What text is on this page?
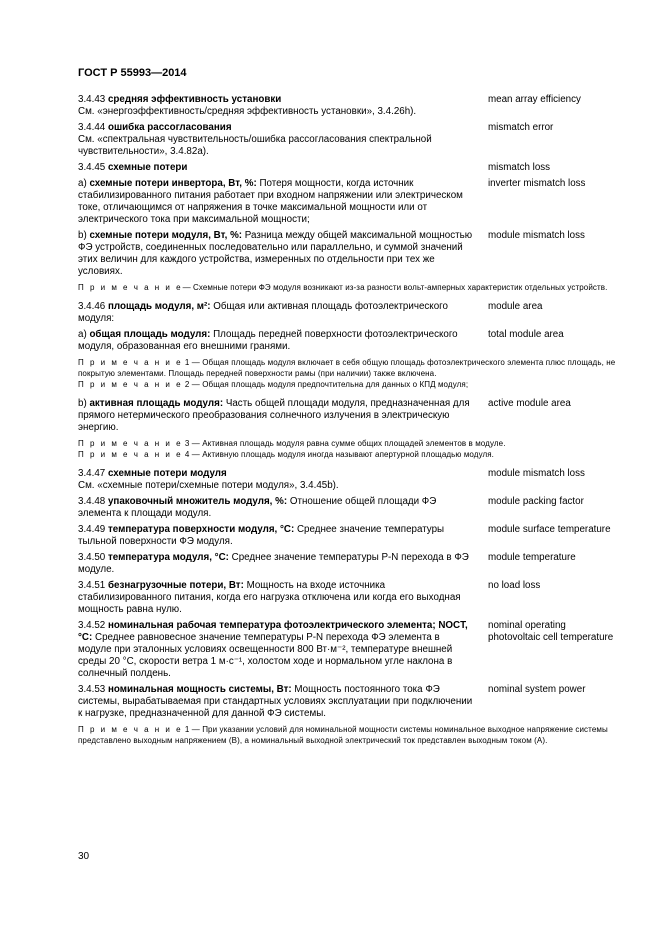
ГОСТ Р 55993—2014

3.4.43 средняя эффективность установки
См. «энергоэффективность/средняя эффективность установки», 3.4.26h).
mean array efficiency
3.4.44 ошибка рассогласования
См. «спектральная чувствительность/ошибка рассогласования спектральной чувствительности», 3.4.82a).
mismatch error
3.4.45 схемные потери	mismatch loss
a) схемные потери инвертора, Вт, %: Потеря мощности, когда источник стабилизированного питания работает при входном напряжении или электрическом токе, отличающимся от напряжения в точке максимальной мощности или от электрического тока при максимальной мощности;
inverter mismatch loss
b) схемные потери модуля, Вт, %: Разница между общей максимальной мощностью ФЭ устройств, соединенных последовательно или параллельно, и суммой значений этих величин для каждого устройства, измеренных по отдельности при тех же условиях.
module mismatch loss
П р и м е ч а н и е— Схемные потери ФЭ модуля возникают из-за разности вольт-амперных характеристик отдельных устройств.
3.4.46 площадь модуля, м²: Общая или активная площадь фотоэлектрического модуля:
module area
a) общая площадь модуля: Площадь передней поверхности фотоэлектрического модуля, образованная его внешними гранями.
total module area
П р и м е ч а н и е 1 — Общая площадь модуля включает в себя общую площадь фотоэлектрического элемента плюс площадь, не покрытую элементами. Площадь передней поверхности рамы (при наличии) также включена.
П р и м е ч а н и е 2 — Общая площадь модуля предпочтительна для данных о КПД модуля;
b) активная площадь модуля: Часть общей площади модуля, предназначенная для прямого нетермического преобразования солнечного излучения в электрическую энергию.
active module area
П р и м е ч а н и е 3 — Активная площадь модуля равна сумме общих площадей элементов в модуле.
П р и м е ч а н и е 4 — Активную площадь модуля иногда называют апертурной площадью модуля.
3.4.47 схемные потери модуля
См. «схемные потери/схемные потери модуля», 3.4.45b).
module mismatch loss
3.4.48 упаковочный множитель модуля, %: Отношение общей площади ФЭ элемента к площади модуля.
module packing factor
3.4.49 температура поверхности модуля, °С: Среднее значение температуры тыльной поверхности ФЭ модуля.
module surface temperature
3.4.50 температура модуля, °С: Среднее значение температуры P-N перехода в ФЭ модуле.
module temperature
3.4.51 безнагрузочные потери, Вт: Мощность на входе источника стабилизированного питания, когда его нагрузка отключена или когда его выходная мощность равна нулю.
no load loss
3.4.52 номинальная рабочая температура фотоэлектрического элемента; NOCT, °С: Среднее равновесное значение температуры P-N перехода ФЭ элемента в модуле при эталонных условиях освещенности 800 Вт·м⁻², температуре внешней среды 20 °С, скорости ветра 1 м·с⁻¹, холостом ходе и нормальном угле наклона в солнечный полдень.
nominal operating photovoltaic cell temperature
3.4.53 номинальная мощность системы, Вт: Мощность постоянного тока ФЭ системы, вырабатываемая при стандартных условиях эксплуатации при подключении к нагрузке, предназначенной для данной ФЭ системы.
nominal system power
П р и м е ч а н и е 1 — При указании условий для номинальной мощности системы номинальное выходное напряжение системы представлено выходным напряжением (В), а номинальный выходной электрический ток представлен выходным током (А).
30
